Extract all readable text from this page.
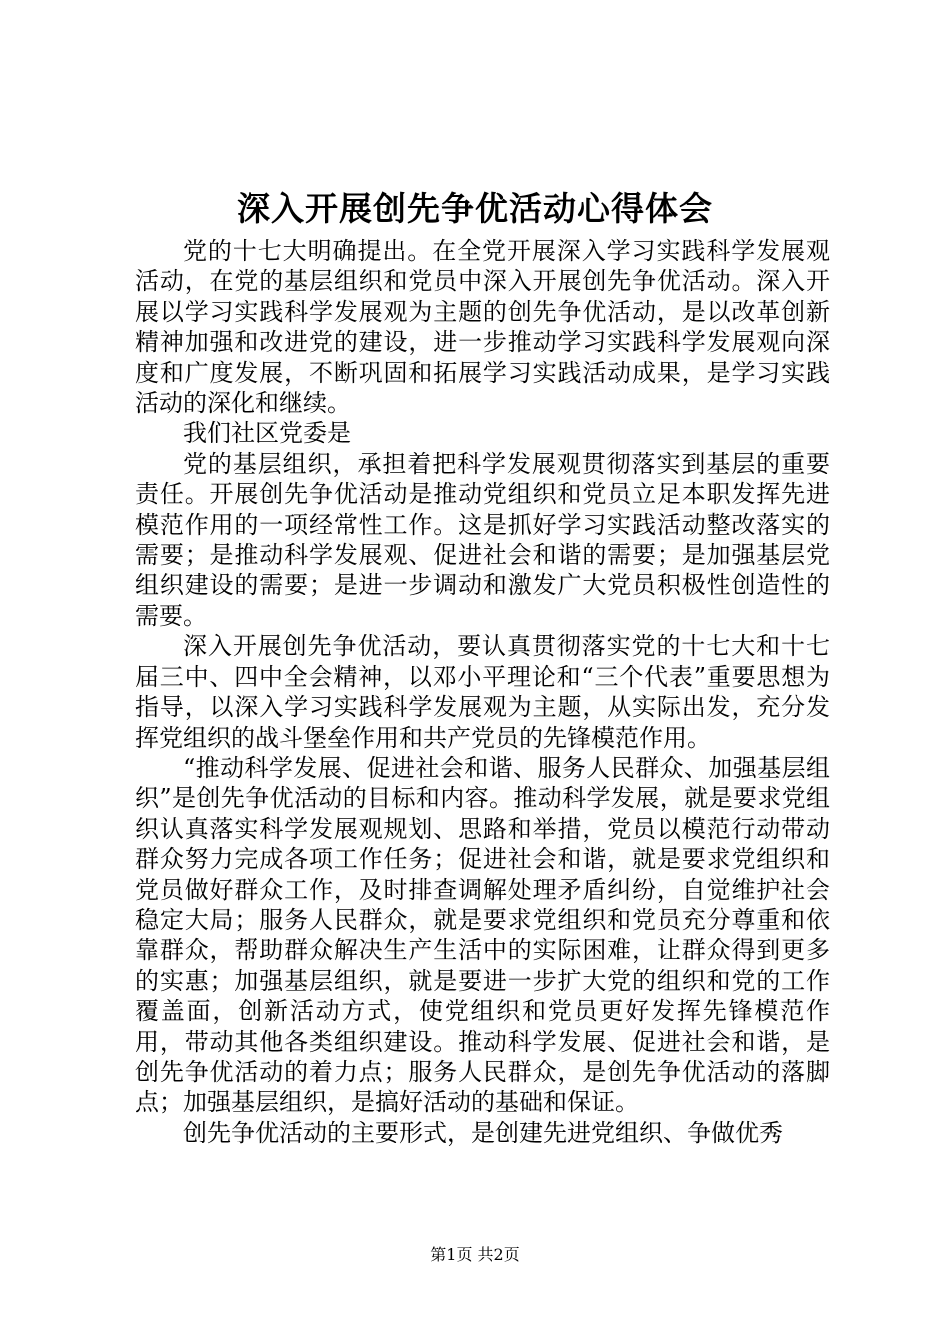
深入开展创先争优活动心得体会

党的十七大明确提出。在全党开展深入学习实践科学发展观活动，在党的基层组织和党员中深入开展创先争优活动。深入开展以学习实践科学发展观为主题的创先争优活动，是以改革创新精神加强和改进党的建设，进一步推动学习实践科学发展观向深度和广度发展，不断巩固和拓展学习实践活动成果，是学习实践活动的深化和继续。

我们社区党委是

党的基层组织，承担着把科学发展观贯彻落实到基层的重要责任。开展创先争优活动是推动党组织和党员立足本职发挥先进模范作用的一项经常性工作。这是抓好学习实践活动整改落实的需要；是推动科学发展观、促进社会和谐的需要；是加强基层党组织建设的需要；是进一步调动和激发广大党员积极性创造性的需要。

深入开展创先争优活动，要认真贯彻落实党的十七大和十七届三中、四中全会精神，以邓小平理论和“三个代表”重要思想为指导，以深入学习实践科学发展观为主题，从实际出发，充分发挥党组织的战斗堡垒作用和共产党员的先锋模范作用。

“推动科学发展、促进社会和谐、服务人民群众、加强基层组织”是创先争优活动的目标和内容。推动科学发展，就是要求党组织认真落实科学发展观规划、思路和举措，党员以模范行动带动群众努力完成各项工作任务；促进社会和谐，就是要求党组织和党员做好群众工作，及时排查调解处理矛盾纠纷，自觉维护社会稳定大局；服务人民群众，就是要求党组织和党员充分尊重和依靠群众，帮助群众解决生产生活中的实际困难，让群众得到更多的实惠；加强基层组织，就是要进一步扩大党的组织和党的工作覆盖面，创新活动方式，使党组织和党员更好发挥先锋模范作用，带动其他各类组织建设。推动科学发展、促进社会和谐，是创先争优活动的着力点；服务人民群众，是创先争优活动的落脚点；加强基层组织，是搞好活动的基础和保证。

创先争优活动的主要形式，是创建先进党组织、争做优秀

第1页 共2页
